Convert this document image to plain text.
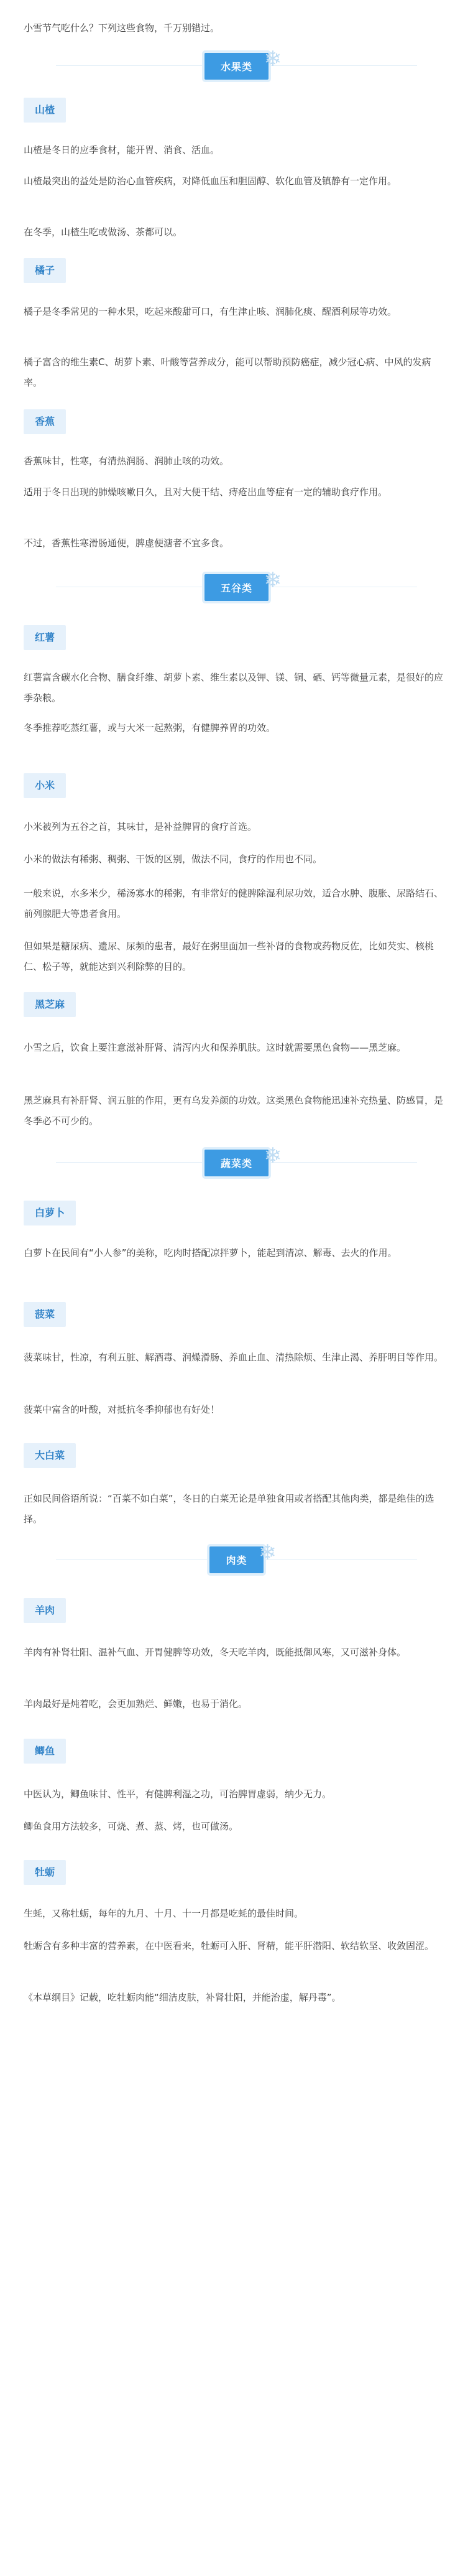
小雪节气吃什么？下列这些食物，千万别错过。

水果类 ❄
山楂

山楂是冬日的应季食材，能开胃、消食、活血。

山楂最突出的益处是防治心血管疾病，对降低血压和胆固醇、软化血管及镇静有一定作用。

在冬季，山楂生吃或做汤、茶都可以。

橘子

橘子是冬季常见的一种水果，吃起来酸甜可口，有生津止咳、润肺化痰、醒酒利尿等功效。

橘子富含的维生素C、胡萝卜素、叶酸等营养成分，能可以帮助预防癌症，减少冠心病、中风的发病率。

香蕉

香蕉味甘，性寒，有清热润肠、润肺止咳的功效。

适用于冬日出现的肺燥咳嗽日久，且对大便干结、痔疮出血等症有一定的辅助食疗作用。

不过，香蕉性寒滑肠通便，脾虚便溏者不宜多食。

五谷类 ❄
红薯

红薯富含碳水化合物、膳食纤维、胡萝卜素、维生素以及钾、镁、铜、硒、钙等微量元素，是很好的应季杂粮。

冬季推荐吃蒸红薯，或与大米一起熬粥，有健脾养胃的功效。

小米

小米被列为五谷之首，其味甘，是补益脾胃的食疗首选。

小米的做法有稀粥、稠粥、干饭的区别，做法不同，食疗的作用也不同。

一般来说，水多米少，稀汤寡水的稀粥，有非常好的健脾除湿利尿功效，适合水肿、腹胀、尿路结石、前列腺肥大等患者食用。

但如果是糖尿病、遗尿、尿频的患者，最好在粥里面加一些补肾的食物或药物反佐，比如芡实、核桃仁、松子等，就能达到兴利除弊的目的。

黑芝麻

小雪之后，饮食上要注意滋补肝肾、清泻内火和保养肌肤。这时就需要黑色食物——黑芝麻。

黑芝麻具有补肝肾、润五脏的作用，更有乌发养颜的功效。这类黑色食物能迅速补充热量、防感冒，是冬季必不可少的。

蔬菜类 ❄
白萝卜

白萝卜在民间有“小人参”的美称，吃肉时搭配凉拌萝卜，能起到清凉、解毒、去火的作用。

菠菜

菠菜味甘，性凉，有利五脏、解酒毒、润燥滑肠、养血止血、清热除烦、生津止渴、养肝明目等作用。

菠菜中富含的叶酸，对抵抗冬季抑郁也有好处！

大白菜

正如民间俗语所说：“百菜不如白菜”，冬日的白菜无论是单独食用或者搭配其他肉类，都是绝佳的选择。

肉类 ❄
羊肉

羊肉有补肾壮阳、温补气血、开胃健脾等功效，冬天吃羊肉，既能抵御风寒，又可滋补身体。

羊肉最好是炖着吃，会更加熟烂、鲜嫩，也易于消化。

鲫鱼

中医认为，鲫鱼味甘、性平，有健脾利湿之功，可治脾胃虚弱，纳少无力。

鲫鱼食用方法较多，可烧、煮、蒸、烤，也可做汤。

牡蛎

生蚝，又称牡蛎，每年的九月、十月、十一月都是吃蚝的最佳时间。

牡蛎含有多种丰富的营养素，在中医看来，牡蛎可入肝、肾精，能平肝潜阳、软结软坚、收敛固涩。

《本草纲目》记载，吃牡蛎肉能“细洁皮肤，补肾壮阳，并能治虚，解丹毒”。
